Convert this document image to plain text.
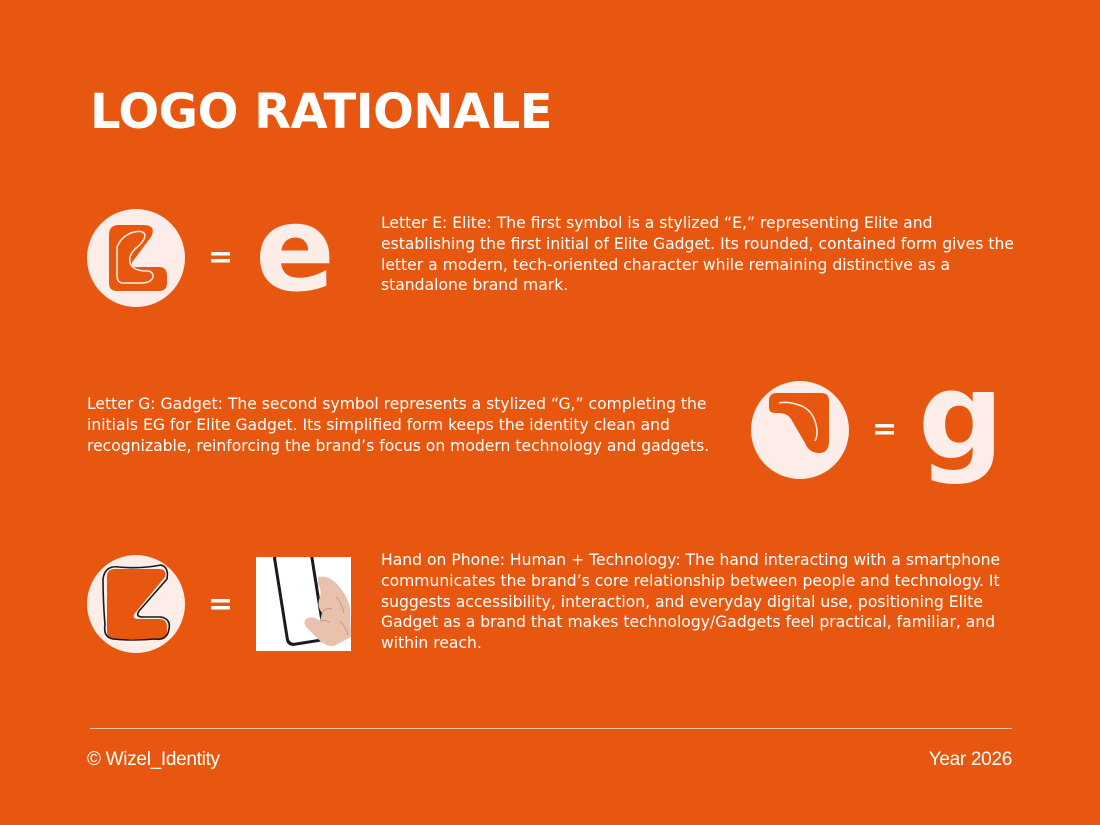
LOGO RATIONALE
= e	Letter E: Elite: The first symbol is a stylized “E,” representing Elite and establishing the first initial of Elite Gadget. Its rounded, contained form gives the letter a modern, tech-oriented character while remaining distinctive as a standalone brand mark.

Letter G: Gadget: The second symbol represents a stylized “G,” completing the initials EG for Elite Gadget. Its simplified form keeps the identity clean and recognizable, reinforcing the brand’s focus on modern technology and gadgets.	= g
=

Hand on Phone: Human + Technology: The hand interacting with a smartphone communicates the brand’s core relationship between people and technology. It suggests accessibility, interaction, and everyday digital use, positioning Elite Gadget as a brand that makes technology/Gadgets feel practical, familiar, and within reach.

© Wizel_Identity	Year 2026
